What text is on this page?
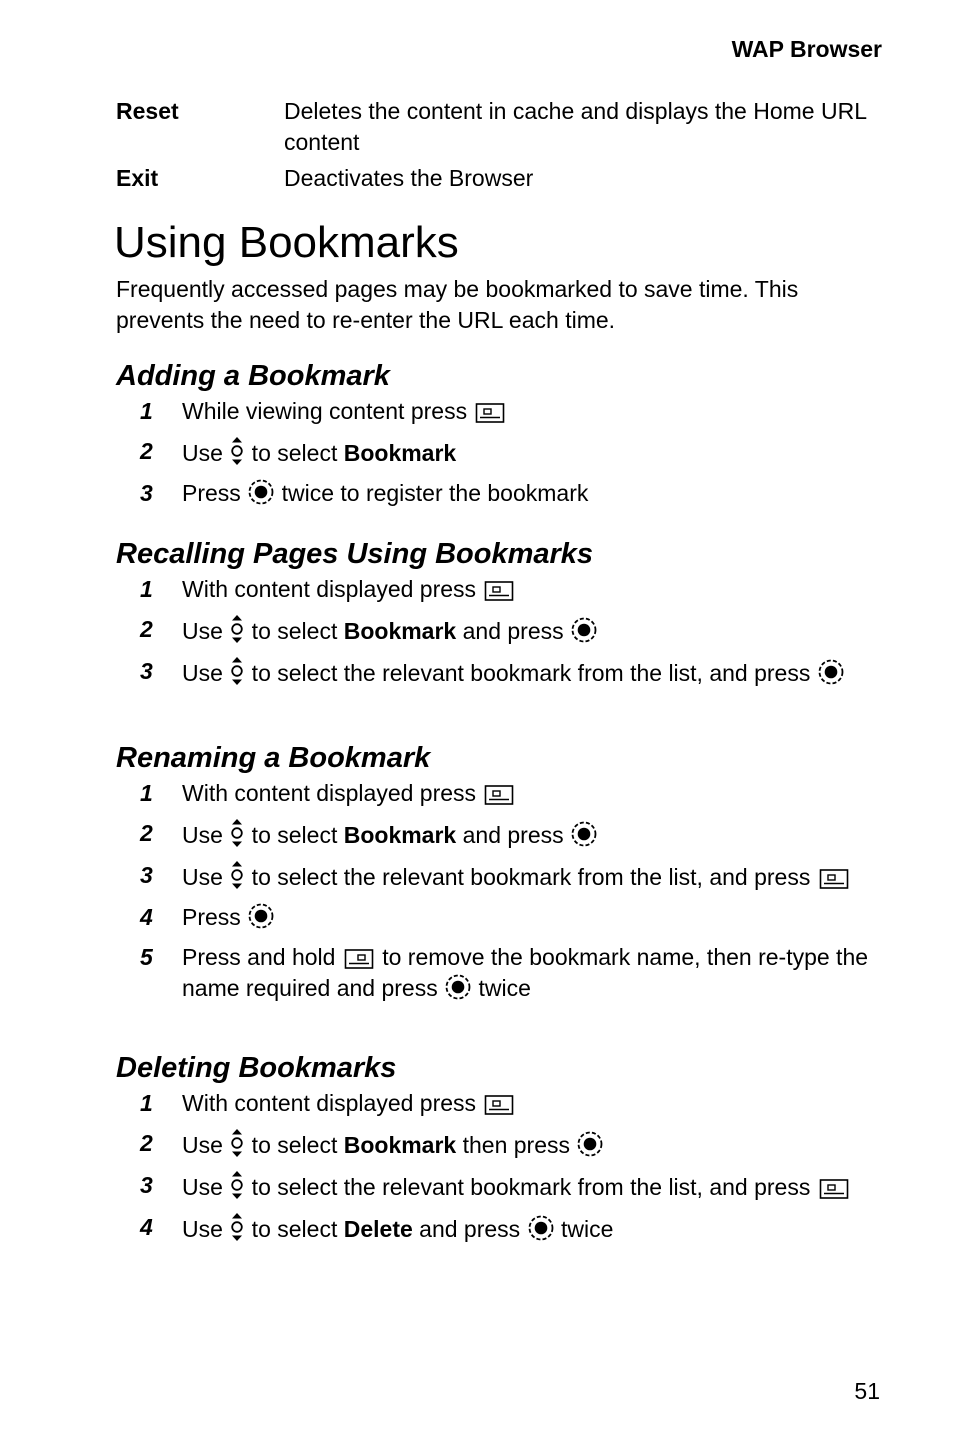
WAP Browser
Reset	Deletes the content in cache and displays the Home URL content
Exit	Deactivates the Browser
Using Bookmarks

Frequently accessed pages may be bookmarked to save time. This prevents the need to re-enter the URL each time.

Adding a Bookmark
1 While viewing content press
2 Use
to select Bookmark
3 Press
twice to register the bookmark
Recalling Pages Using Bookmarks
1 With content displayed press
2 Use
to select Bookmark and press
3 Use
to select the relevant bookmark from the list, and press
Renaming a Bookmark
1 With content displayed press
2 Use
to select Bookmark and press
3 Use
to select the relevant bookmark from the list, and press
4 Press
5 Press and hold
to remove the bookmark name, then re-type the name required and press
twice
Deleting Bookmarks
1 With content displayed press
2 Use
to select Bookmark then press
3 Use
to select the relevant bookmark from the list, and press
4 Use
to select Delete and press
twice
51
